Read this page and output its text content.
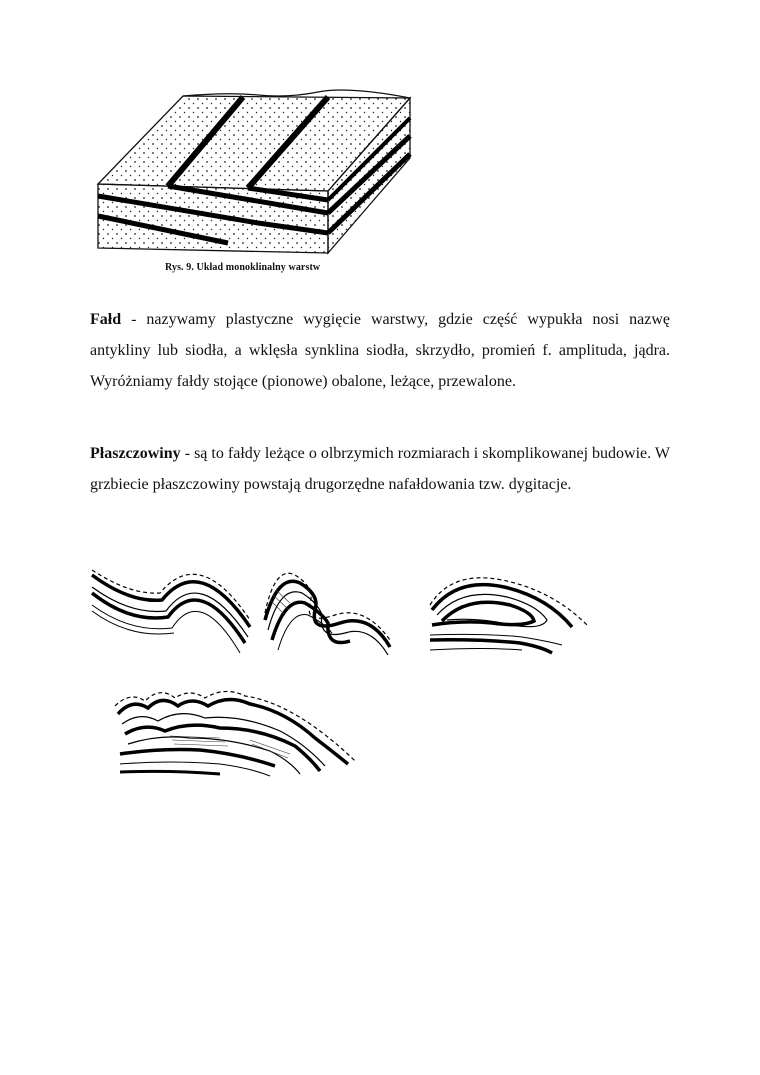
Rys. 9. Układ monoklinalny warstw

Fałd - nazywamy plastyczne wygięcie warstwy, gdzie część wypukła nosi nazwę antykliny lub siodła, a wklęsła synklina siodła, skrzydło, promień f. amplituda, jądra. Wyróżniamy fałdy stojące (pionowe) obalone, leżące, przewalone.

Płaszczowiny - są to fałdy leżące o olbrzymich rozmiarach i skomplikowanej budowie. W grzbiecie płaszczowiny powstają drugorzędne nafałdowania tzw. dygitacje.
